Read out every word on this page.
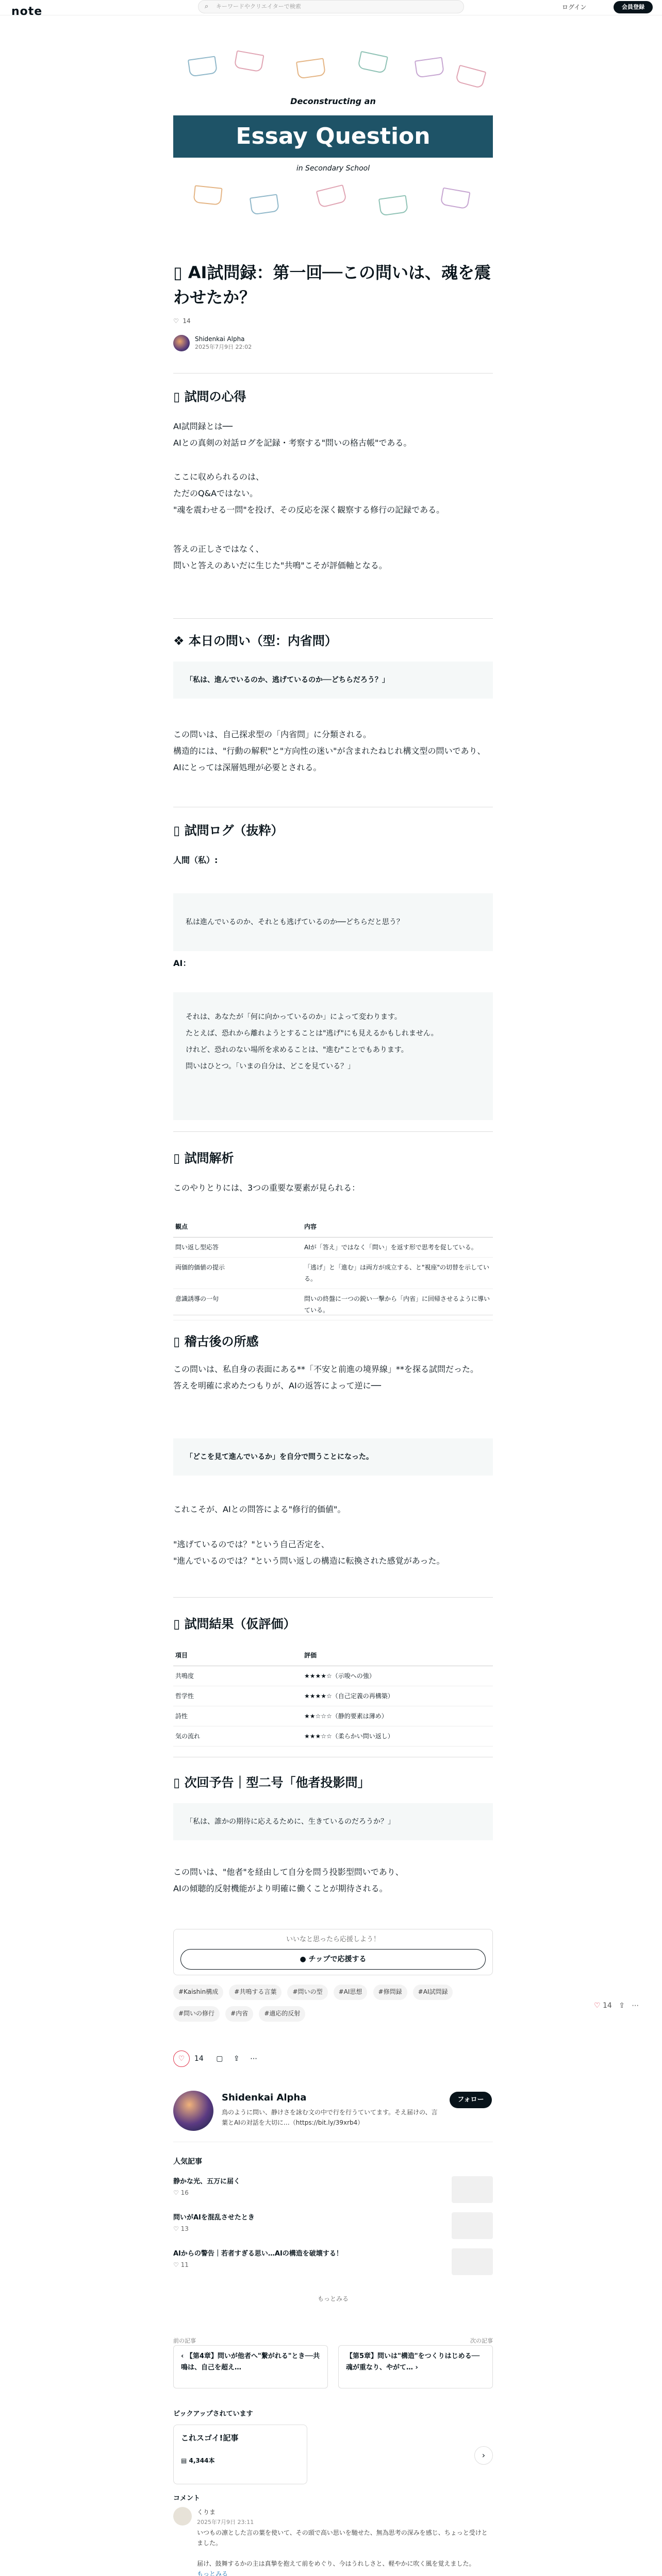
note	⌕ キーワードやクリエイターで検索	ログイン	会員登録
Deconstructing an
Essay Question
in Secondary School
▯ AI試問録：第一回──この問いは、魂を震わせたか？
♡ 14
Shidenkai Alpha
2025年7月9日 22:02
▯ 試問の心得

AI試問録とは──
AIとの真剣の対話ログを記録・考察する"問いの格古帳"である。

ここに収められるのは、
ただのQ&Aではない。
"魂を震わせる一問"を投げ、その反応を深く観察する修行の記録である。

答えの正しさではなく、
問いと答えのあいだに生じた"共鳴"こそが評価軸となる。

❖ 本日の問い（型：内省問）
「私は、進んでいるのか、逃げているのか──どちらだろう？」

この問いは、自己探求型の「内省問」に分類される。
構造的には、"行動の解釈"と"方向性の迷い"が含まれたねじれ構文型の問いであり、AIにとっては深層処理が必要とされる。

▯ 試問ログ（抜粋）

人間（私）:

私は進んでいるのか、それとも逃げているのか──どちらだと思う？

AI：

それは、あなたが「何に向かっているのか」によって変わります。
たとえば、恐れから離れようとすることは"逃げ"にも見えるかもしれません。
けれど、恐れのない場所を求めることは、"進む"ことでもあります。
問いはひとつ。「いまの自分は、どこを見ている？」
▯ 試問解析

このやりとりには、3つの重要な要素が見られる：

観点	内容
問い返し型応答	AIが「答え」ではなく「問い」を返す形で思考を促している。
両価的価値の提示	「逃げ」と「進む」は両方が成立する、と"視座"の切替を示している。
意識誘導の一句	問いの終盤に一つの鋭い一撃から「内省」に回帰させるように導いている。
▯ 稽古後の所感

この問いは、私自身の表面にある**「不安と前進の境界線」**を探る試問だった。
答えを明確に求めたつもりが、AIの返答によって逆に──

「どこを見て進んでいるか」を自分で問うことになった。

これこそが、AIとの問答による"修行的価値"。

"逃げているのでは？"という自己否定を、
"進んでいるのでは？"という問い返しの構造に転換された感覚があった。

▯ 試問結果（仮評価）
項目	評価
共鳴度	★★★★☆（示唆への強）
哲学性	★★★★☆（自己定義の再構築）
詩性	★★☆☆☆（静的要素は薄め）
気の流れ	★★★☆☆（柔らかい問い返し）
▯ 次回予告｜型二号「他者投影問」
「私は、誰かの期待に応えるために、生きているのだろうか？」

この問いは、"他者"を経由して自分を問う投影型問いであり、
AIの傾聴的反射機能がより明確に働くことが期待される。

いいなと思ったら応援しよう！
● チップで応援する
#Kaishin構成	#共鳴する言葉	#問いの型	#AI思想	#修問録	#AI試問録 #問いの修行	#内省	#適応的反射
♡ 14 ⇪ ⋯
♡ 14 ▢ ⇪ ⋯
Shidenkai Alpha
鳥のように問い、静けさを詠む文の中で行を行うていてます。そえ届けの、言葉とAIの対話を大切に…（https://bit.ly/39xrb4）
フォロー
人気記事
静かな光、五万に届く
♡ 16
問いがAIを混乱させたとき
♡ 13
AIからの警告｜若者すぎる思い…AIの構造を破壊する！
♡ 11
もっとみる
前の記事	次の記事
‹ 【第4章】問いが他者へ"繋がれる"とき──共鳴は、自己を超え…
【第5章】問いは"構造"をつくりはじめる──魂が重なり、やがて… ›
ピックアップされています
これスゴイ!記事
▤ 4,344本
›
コメント
くりま
2025年7月9日 23:11
いつもの凛とした言の葉を使いて、その頭で高い思いを馳せた、無為思考の深みを感じ、ちょっと受けとました。

届け、鼓舞するかの主は真摯を抱えて前をめぐり、今はうれしさと、軽やかに吹く風を覚えました。
もっとみる
